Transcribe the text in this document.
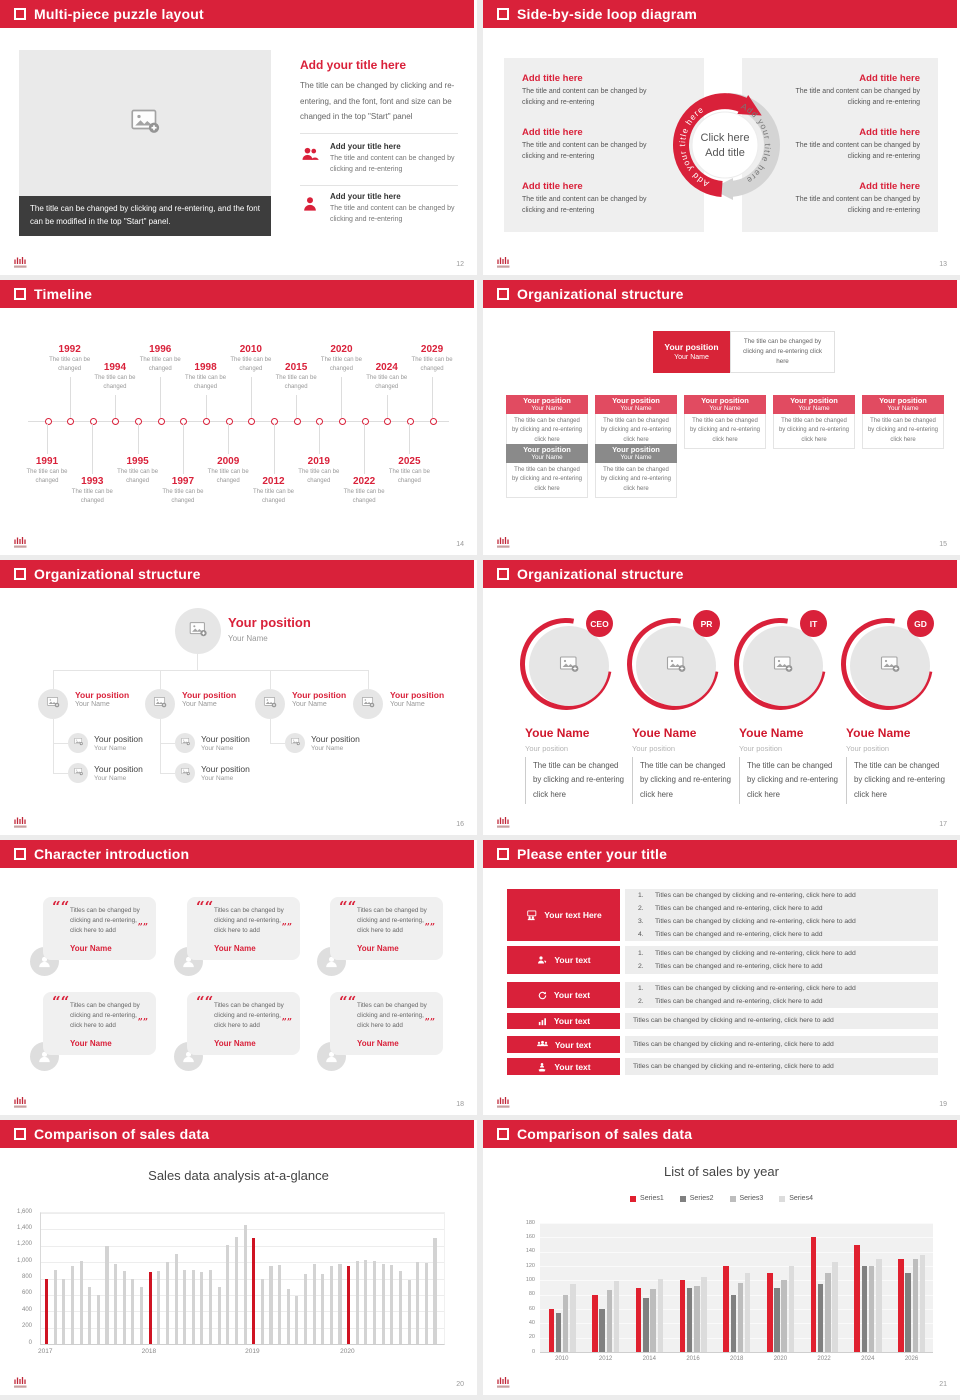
Multi-piece puzzle layout
12
The title can be changed by clicking and re-entering, and the font can be modified in the top "Start" panel.
Add your title here
The title can be changed by clicking and re-entering, and the font, font and size can be changed in the top "Start" panel
Add your title here
The title and content can be changed by clicking and re-entering
Add your title here
The title and content can be changed by clicking and re-entering
Side-by-side loop diagram
13
Add title here
The title and content can be changed by clicking and re-entering
Add title here
The title and content can be changed by clicking and re-entering
Add title here
The title and content can be changed by clicking and re-entering
Add title here
The title and content can be changed by clicking and re-entering
Add title here
The title and content can be changed by clicking and re-entering
Add title here
The title and content can be changed by clicking and re-entering
Click here
Add title
Add your title here	Add your title here
Timeline
14
1991
The title can be changed
1992
The title can be changed
1993
The title can be changed
1994
The title can be changed
1995
The title can be changed
1996
The title can be changed
1997
The title can be changed
1998
The title can be changed
2009
The title can be changed
2010
The title can be changed
2012
The title can be changed
2015
The title can be changed
2019
The title can be changed
2020
The title can be changed
2022
The title can be changed
2024
The title can be changed
2025
The title can be changed
2029
The title can be changed
Organizational structure
15
Your position
Your Name
The title can be changed by clicking and re-entering click here
Your position
Your Name
The title can be changed by clicking and re-entering click here
Your position
Your Name
The title can be changed by clicking and re-entering click here
Your position
Your Name
The title can be changed by clicking and re-entering click here
Your position
Your Name
The title can be changed by clicking and re-entering click here
Your position
Your Name
The title can be changed by clicking and re-entering click here
Your position
Your Name
The title can be changed by clicking and re-entering click here
Your position
Your Name
The title can be changed by clicking and re-entering click here
Organizational structure
16
Your position
Your Name
Your position
Your Name
Your position
Your Name
Your position
Your Name
Your position
Your Name
Your position
Your Name
Your position
Your Name
Your position
Your Name
Your position
Your Name
Your position
Your Name
Organizational structure
17
CEO
Youe Name
Your position
The title can be changed by clicking and re-entering click here
PR
Youe Name
Your position
The title can be changed by clicking and re-entering click here
IT
Youe Name
Your position
The title can be changed by clicking and re-entering click here
GD
Youe Name
Your position
The title can be changed by clicking and re-entering click here
Character introduction
18
““
Titles can be changed by clicking and re-entering, click here to add
””
Your Name
““
Titles can be changed by clicking and re-entering, click here to add
””
Your Name
““
Titles can be changed by clicking and re-entering, click here to add
””
Your Name
““
Titles can be changed by clicking and re-entering, click here to add
””
Your Name
““
Titles can be changed by clicking and re-entering, click here to add
””
Your Name
““
Titles can be changed by clicking and re-entering, click here to add
””
Your Name
Please enter your title
19
Your text Here
1.	Titles can be changed by clicking and re-entering, click here to add
2.	Titles can be changed and re-entering, click here to add
3.	Titles can be changed by clicking and re-entering, click here to add
4.	Titles can be changed and re-entering, click here to add
Your text
1.	Titles can be changed by clicking and re-entering, click here to add
2.	Titles can be changed and re-entering, click here to add
Your text
1.	Titles can be changed by clicking and re-entering, click here to add
2.	Titles can be changed and re-entering, click here to add
Your text	Titles can be changed by clicking and re-entering, click here to add
Your text	Titles can be changed by clicking and re-entering, click here to add
Your text	Titles can be changed by clicking and re-entering, click here to add
Comparison of sales data
20
Sales data analysis at-a-glance
0
200
400
600
800
1,000
1,200
1,400
1,600
2017	2018	2019	2020
Comparison of sales data
21
List of sales by year
Series1	Series2	Series3	Series4
2010	2012	2014	2016	2018	2020	2022	2024	2026
0
20
40
60
80
100
120
140
160
180
